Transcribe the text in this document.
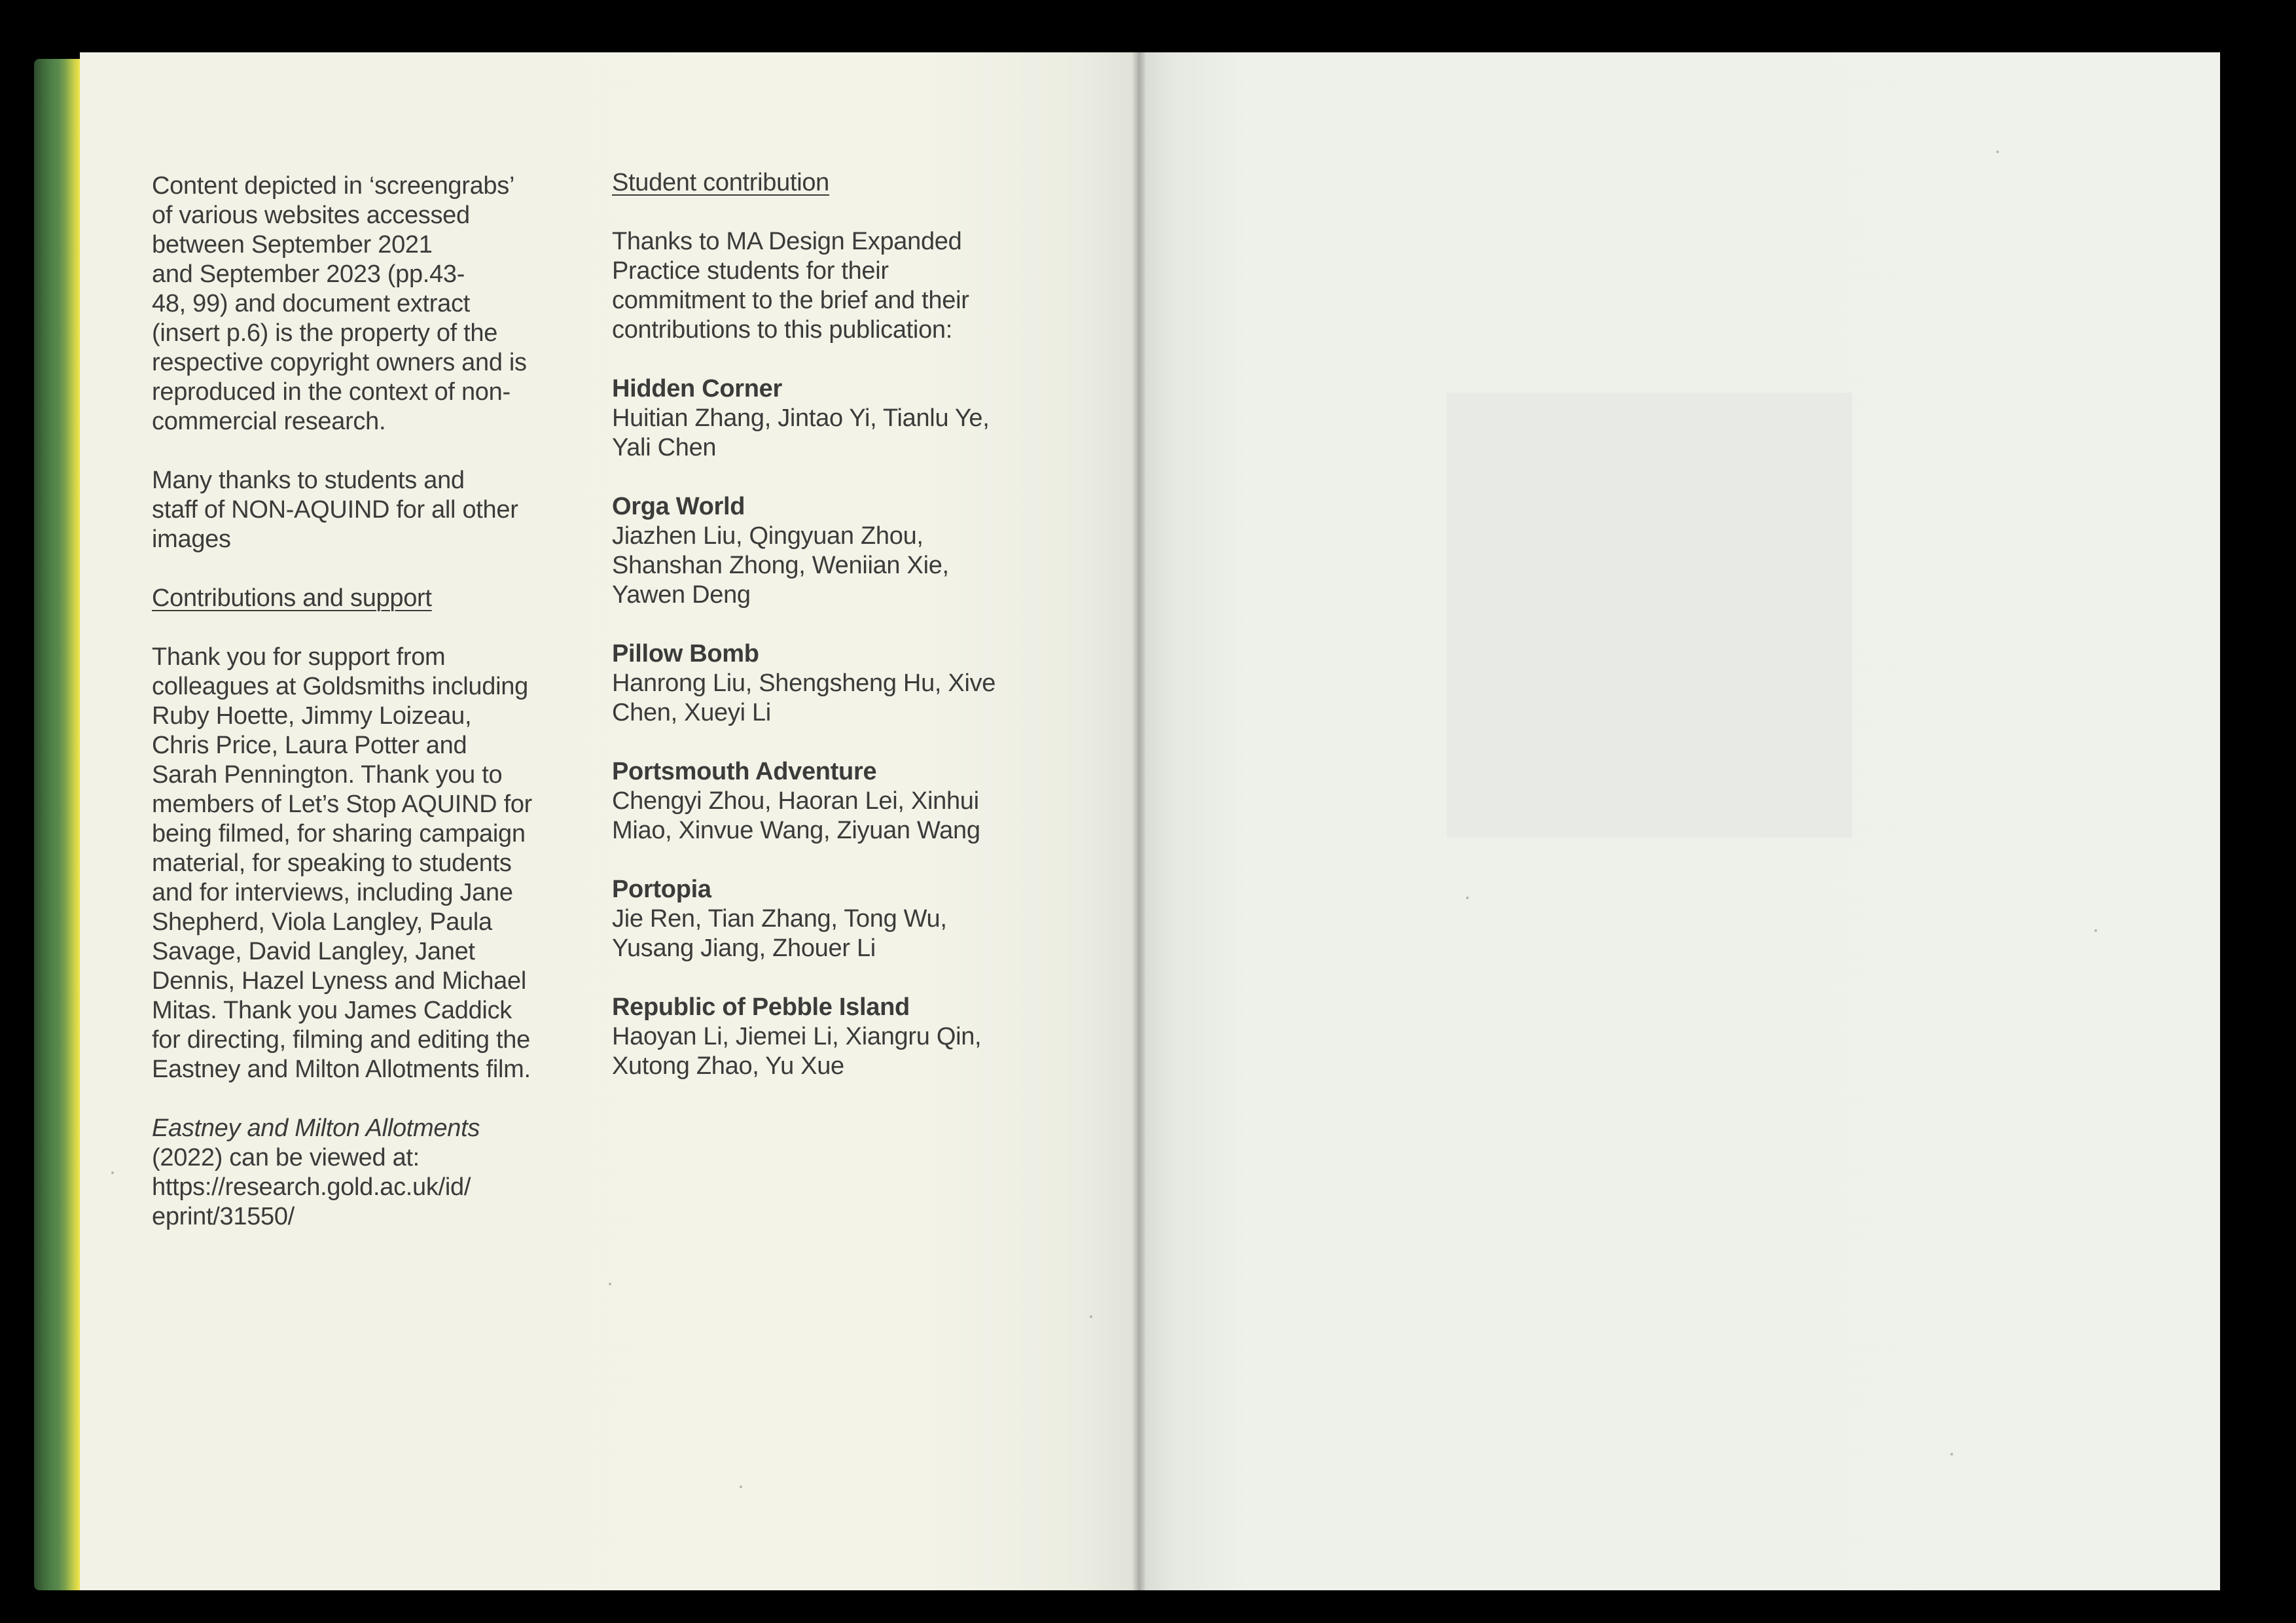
Content depicted in ‘screengrabs’
of various websites accessed
between September 2021
and September 2023 (pp.43-
48, 99) and document extract
(insert p.6) is the property of the
respective copyright owners and is
reproduced in the context of non-
commercial research.

Many thanks to students and
staff of NON-AQUIND for all other
images

Contributions and support

Thank you for support from
colleagues at Goldsmiths including
Ruby Hoette, Jimmy Loizeau,
Chris Price, Laura Potter and
Sarah Pennington. Thank you to
members of Let’s Stop AQUIND for
being filmed, for sharing campaign
material, for speaking to students
and for interviews, including Jane
Shepherd, Viola Langley, Paula
Savage, David Langley, Janet
Dennis, Hazel Lyness and Michael
Mitas. Thank you James Caddick
for directing, filming and editing the
Eastney and Milton Allotments film.

Eastney and Milton Allotments
(2022) can be viewed at:
https://research.gold.ac.uk/id/
eprint/31550/

Student contribution

Thanks to MA Design Expanded
Practice students for their
commitment to the brief and their
contributions to this publication:

Hidden Corner
Huitian Zhang, Jintao Yi, Tianlu Ye,
Yali Chen
Orga World
Jiazhen Liu, Qingyuan Zhou,
Shanshan Zhong, Weniian Xie,
Yawen Deng
Pillow Bomb
Hanrong Liu, Shengsheng Hu, Xive
Chen, Xueyi Li
Portsmouth Adventure
Chengyi Zhou, Haoran Lei, Xinhui
Miao, Xinvue Wang, Ziyuan Wang
Portopia
Jie Ren, Tian Zhang, Tong Wu,
Yusang Jiang, Zhouer Li
Republic of Pebble Island
Haoyan Li, Jiemei Li, Xiangru Qin,
Xutong Zhao, Yu Xue
